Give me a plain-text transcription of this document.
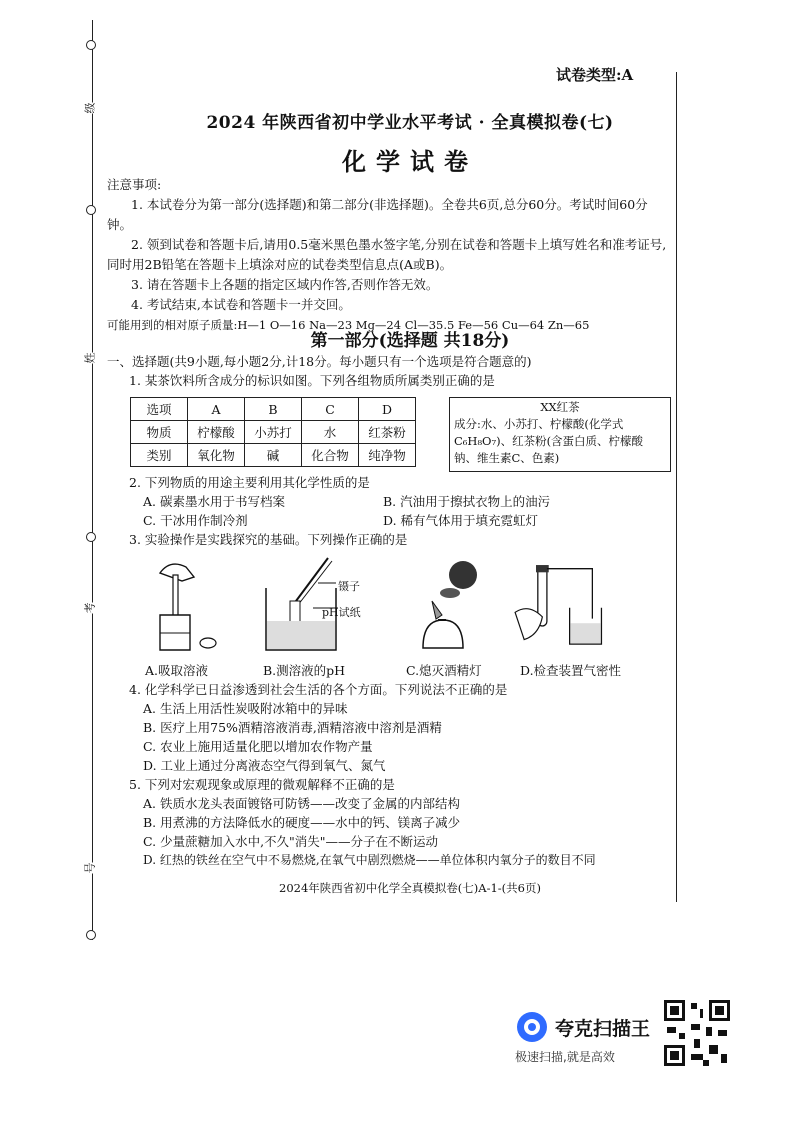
级
姓
考
号
试卷类型:A
2024 年陕西省初中学业水平考试 · 全真模拟卷(七)
化学试卷

注意事项:

1. 本试卷分为第一部分(选择题)和第二部分(非选择题)。全卷共6页,总分60分。考试时间60分钟。

2. 领到试卷和答题卡后,请用0.5毫米黑色墨水签字笔,分别在试卷和答题卡上填写姓名和准考证号,同时用2B铅笔在答题卡上填涂对应的试卷类型信息点(A或B)。

3. 请在答题卡上各题的指定区域内作答,否则作答无效。

4. 考试结束,本试卷和答题卡一并交回。

可能用到的相对原子质量:H—1 O—16 Na—23 Mg—24 Cl—35.5 Fe—56 Cu—64 Zn—65

第一部分(选择题 共18分)
一、选择题(共9小题,每小题2分,计18分。每小题只有一个选项是符合题意的)
1. 某茶饮料所含成分的标识如图。下列各组物质所属类别正确的是
选项	A	B	C	D
物质	柠檬酸	小苏打	水	红茶粉
类别	氧化物	碱	化合物	纯净物
XX红茶
成分:水、小苏打、柠檬酸(化学式C₆H₈O₇)、红茶粉(含蛋白质、柠檬酸钠、维生素C、色素)
2. 下列物质的用途主要利用其化学性质的是
A. 碳素墨水用于书写档案	B. 汽油用于擦拭衣物上的油污
C. 干冰用作制冷剂	D. 稀有气体用于填充霓虹灯
3. 实验操作是实践探究的基础。下列操作正确的是
镊子
pH试纸
A.吸取溶液	B.测溶液的pH	C.熄灭酒精灯	D.检查装置气密性
4. 化学科学已日益渗透到社会生活的各个方面。下列说法不正确的是
A. 生活上用活性炭吸附冰箱中的异味
B. 医疗上用75%酒精溶液消毒,酒精溶液中溶剂是酒精
C. 农业上施用适量化肥以增加农作物产量
D. 工业上通过分离液态空气得到氧气、氮气
5. 下列对宏观现象或原理的微观解释不正确的是
A. 铁质水龙头表面镀铬可防锈——改变了金属的内部结构
B. 用煮沸的方法降低水的硬度——水中的钙、镁离子减少
C. 少量蔗糖加入水中,不久"消失"——分子在不断运动
D. 红热的铁丝在空气中不易燃烧,在氧气中剧烈燃烧——单位体积内氧分子的数目不同
2024年陕西省初中化学全真模拟卷(七)A-1-(共6页)
夸克扫描王
极速扫描,就是高效
